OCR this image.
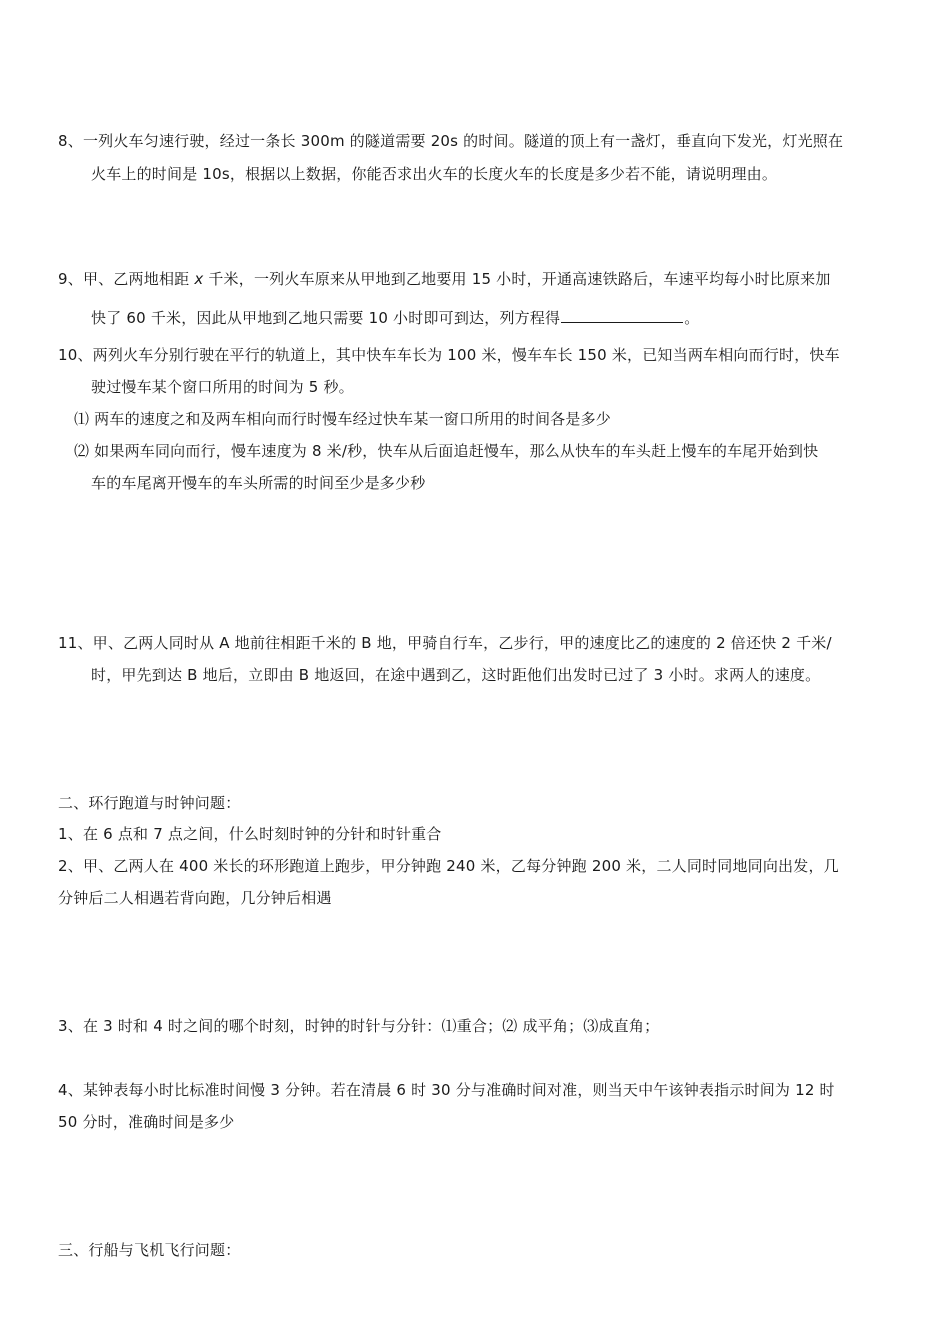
8、一列火车匀速行驶，经过一条长 300m 的隧道需要 20s 的时间。隧道的顶上有一盏灯，垂直向下发光，灯光照在
火车上的时间是 10s，根据以上数据，你能否求出火车的长度火车的长度是多少若不能，请说明理由。
9、甲、乙两地相距 x 千米，一列火车原来从甲地到乙地要用 15 小时，开通高速铁路后，车速平均每小时比原来加
快了 60 千米，因此从甲地到乙地只需要 10 小时即可到达，列方程得	。
10、两列火车分别行驶在平行的轨道上，其中快车车长为 100 米，慢车车长 150 米，已知当两车相向而行时，快车
驶过慢车某个窗口所用的时间为 5 秒。
⑴ 两车的速度之和及两车相向而行时慢车经过快车某一窗口所用的时间各是多少
⑵ 如果两车同向而行，慢车速度为 8 米/秒，快车从后面追赶慢车，那么从快车的车头赶上慢车的车尾开始到快
车的车尾离开慢车的车头所需的时间至少是多少秒
11、甲、乙两人同时从 A 地前往相距千米的 B 地，甲骑自行车，乙步行，甲的速度比乙的速度的 2 倍还快 2 千米/
时，甲先到达 B 地后，立即由 B 地返回，在途中遇到乙，这时距他们出发时已过了 3 小时。求两人的速度。
二、环行跑道与时钟问题：
1、在 6 点和 7 点之间，什么时刻时钟的分针和时针重合
2、甲、乙两人在 400 米长的环形跑道上跑步，甲分钟跑 240 米，乙每分钟跑 200 米，二人同时同地同向出发，几
分钟后二人相遇若背向跑，几分钟后相遇
3、在 3 时和 4 时之间的哪个时刻，时钟的时针与分针：⑴重合；⑵ 成平角；⑶成直角；
4、某钟表每小时比标准时间慢 3 分钟。若在清晨 6 时 30 分与准确时间对准，则当天中午该钟表指示时间为 12 时
50 分时，准确时间是多少
三、行船与飞机飞行问题：
